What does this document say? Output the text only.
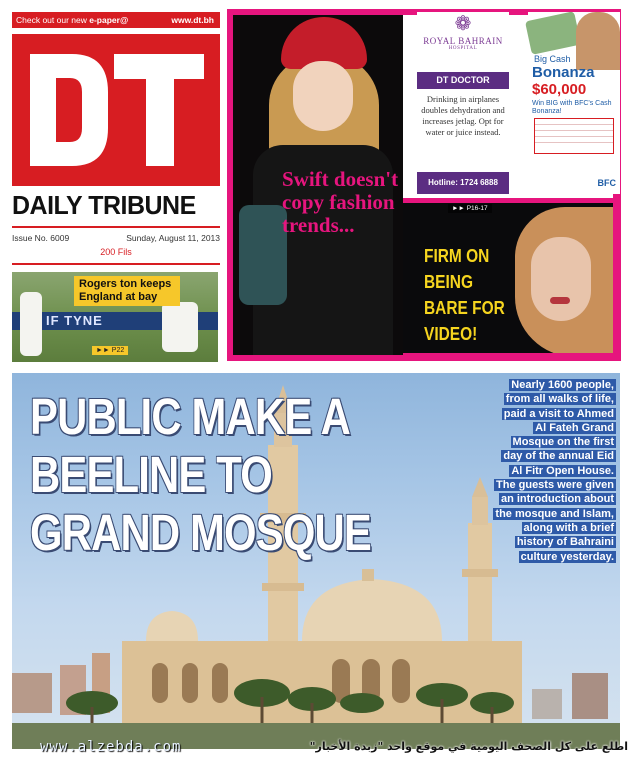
Check out our new e-paper@	www.dt.bh
DAILY TRIBUNE
Issue No. 6009	Sunday, August 11, 2013
200 Fils
IF TYNE
Rogers ton keeps England at bay
►► P22
Swift doesn't copy fashion trends...
❁
ROYAL BAHRAIN
HOSPITAL
DT DOCTOR
Drinking in airplanes doubles dehydration and increases jetlag. Opt for water or juice instead.
Hotline: 1724 6888
Big Cash
Bonanza
$60,000
Win BIG with BFC's Cash Bonanza!
BFC
►► P16-17
FIRM ON BEING BARE FOR VIDEO!
PUBLIC MAKE A BEELINE TO GRAND MOSQUE
Nearly 1600 people, from all walks of life, paid a visit to Ahmed Al Fateh Grand Mosque on the first day of the annual Eid Al Fitr Open House. The guests were given an introduction about the mosque and Islam, along with a brief history of Bahraini culture yesterday.
www.alzebda.com	اطلع على كل الصحف اليومية في موقع واحد "زبدة الأخبار"
